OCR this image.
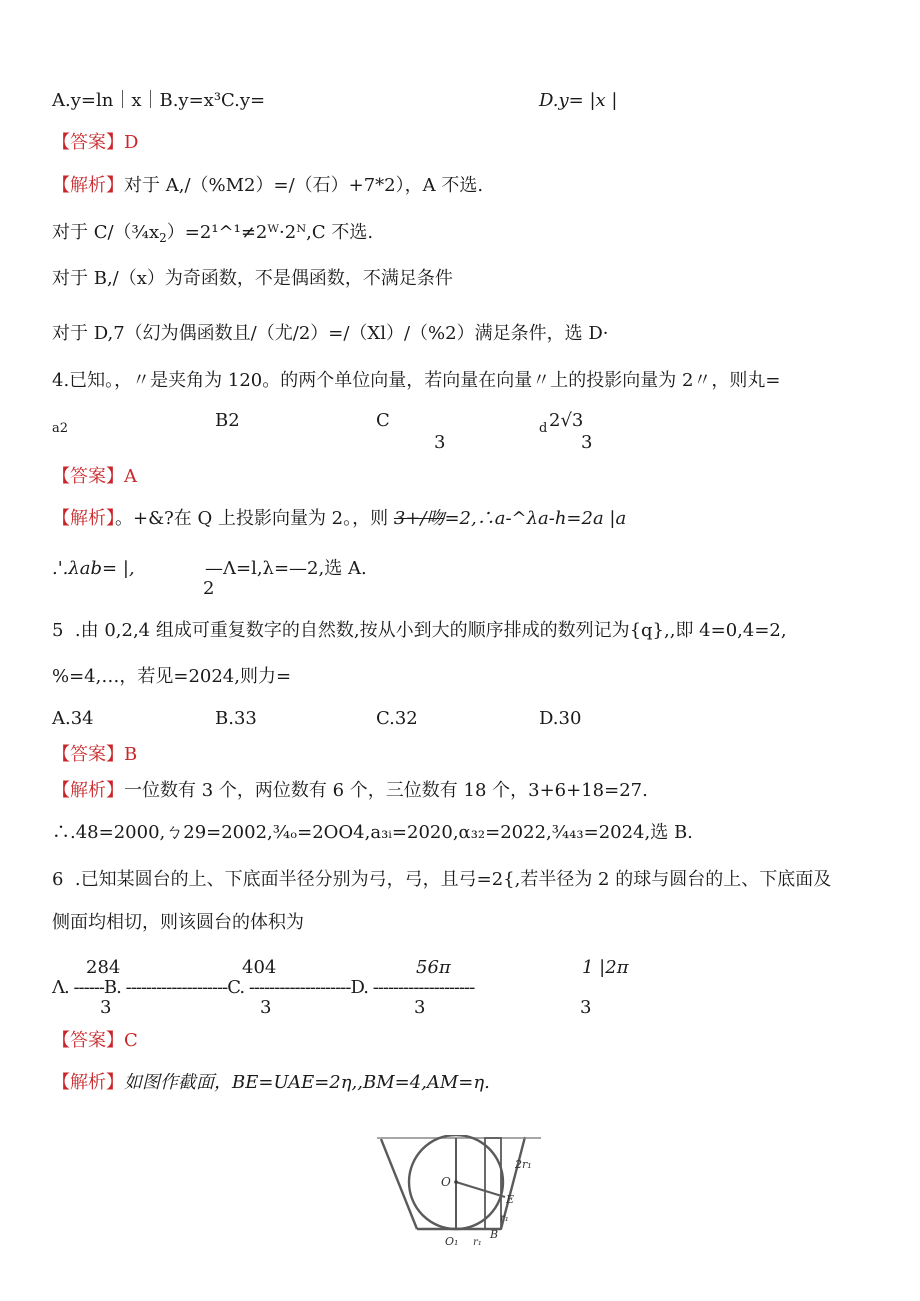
A.y=ln｜x｜B.y=x³C.y=	D.y= |x |
【答案】D
【解析】对于 A,/（%M2）=/（石）+7*2），A 不选.
对于 $C/(\frac{3}{4}x_2)=2^1\^{}^1\ne 2ᵂ\cdot 2ᴺ,C$ 不选.
对于 B,/（x）为奇函数，不是偶函数，不满足条件
对于 D,7（幻为偶函数且/（尤/2）=/（Xl）/（%2）满足条件，选 D·
4.已知。，〃是夹角为 120。的两个单位向量，若向量在向量〃上的投影向量为 2〃，则丸=
a2	B2	C
3
d 2√3
3
【答案】A
【解析】。+&?在 Q 上投影向量为 2。，则 3+/吻=2,∴a-^λa-h=2a |a
.'.λab= |,	—Λ=l,λ=—2,选 A.
2
5  .由 0,2,4 组成可重复数字的自然数,按从小到大的顺序排成的数列记为{q},,即 4=0,4=2,
%=4,…，若见=2024,则力=
A.34	B.33	C.32	D.30
【答案】B
【解析】一位数有 3 个，两位数有 6 个，三位数有 18 个，3+6+18=27.
∴.48=2000,ㄅ29=2002,¾ₒ=2OO4,a₃ᵢ=2020,α₃₂=2022,¾₄₃=2024,选 B.
6  .已知某圆台的上、下底面半径分别为弓，弓，且弓=2{,若半径为 2 的球与圆台的上、下底面及
侧面均相切，则该圆台的体积为
284	404	56π	1 |2π
Λ. ------B. --------------------C. --------------------D. --------------------
3	3	3	3
【答案】C
【解析】如图作截面，BE=UAE=2η,,BM=4,AM=η.
O
E
2r₁
r₁
O₁ r₁
B
